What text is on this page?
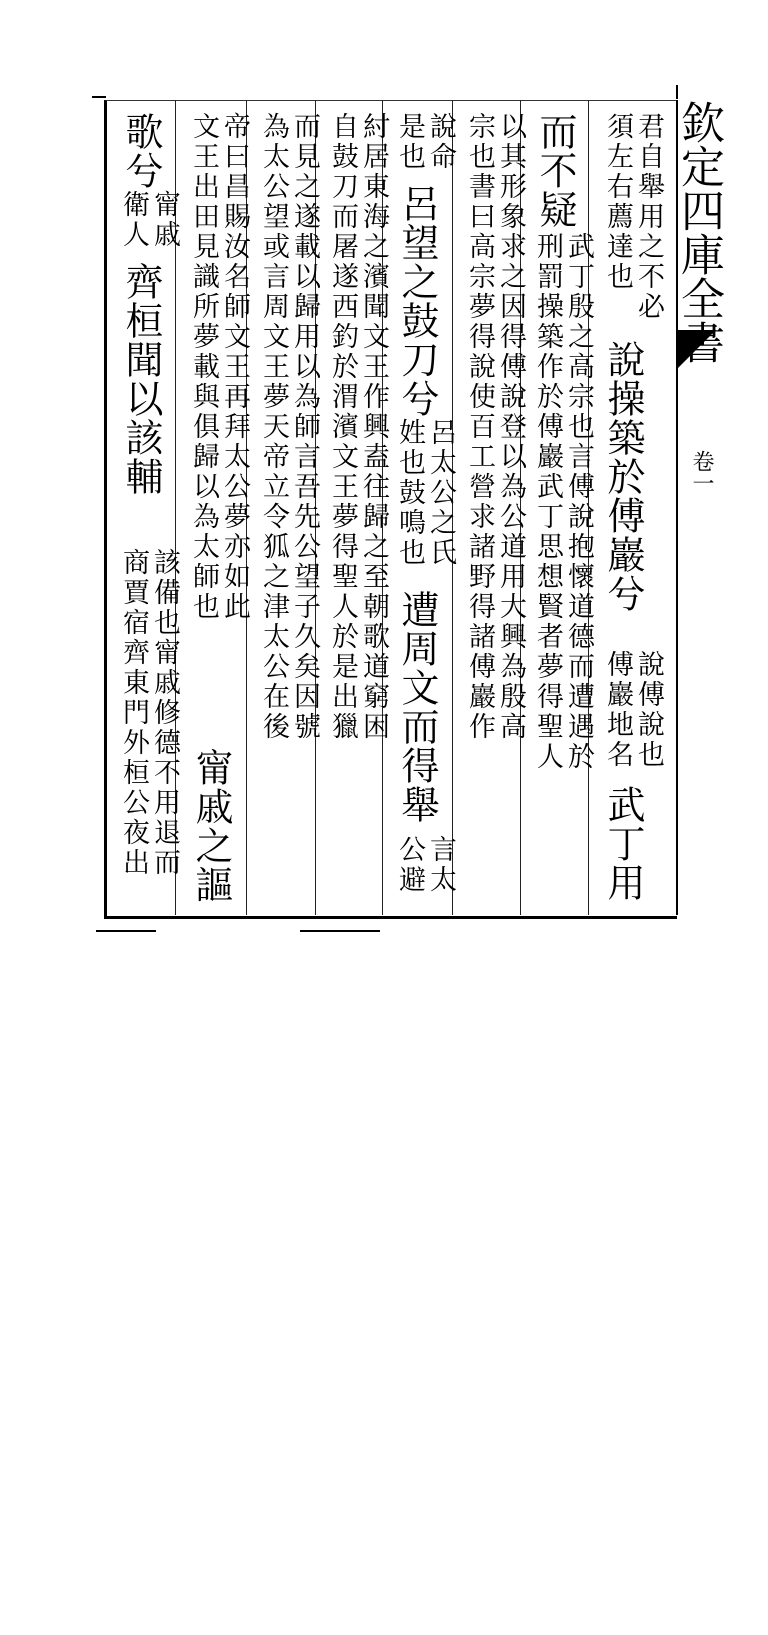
欽定四庫全書
卷一
君自舉用之不必
須左右薦達也
說操築於傅巖兮
說傅說也
傅巖地名
武丁用
而不疑
武丁殷之高宗也言傅說抱懷道德而遭遇於
刑罰操築作於傅巖武丁思想賢者夢得聖人
以其形象求之因得傅說登以為公道用大興為殷高
宗也書曰高宗夢得說使百工營求諸野得諸傅巖作
說命
是也
呂望之鼓刀兮
呂太公之氏
姓也鼓鳴也
遭周文而得舉
言太
公避
紂居東海之濱聞文王作興盍往歸之至朝歌道窮困
自鼓刀而屠遂西釣於渭濱文王夢得聖人於是出獵
而見之遂載以歸用以為師言吾先公望子久矣因號
為太公望或言周文王夢天帝立令狐之津太公在後
帝曰昌賜汝名師文王再拜太公夢亦如此
文王出田見識所夢載與俱歸以為太師也
甯戚之謳
歌兮
甯戚
衛人
齊桓聞以該輔
該備也甯戚修德不用退而
商賈宿齊東門外桓公夜出
